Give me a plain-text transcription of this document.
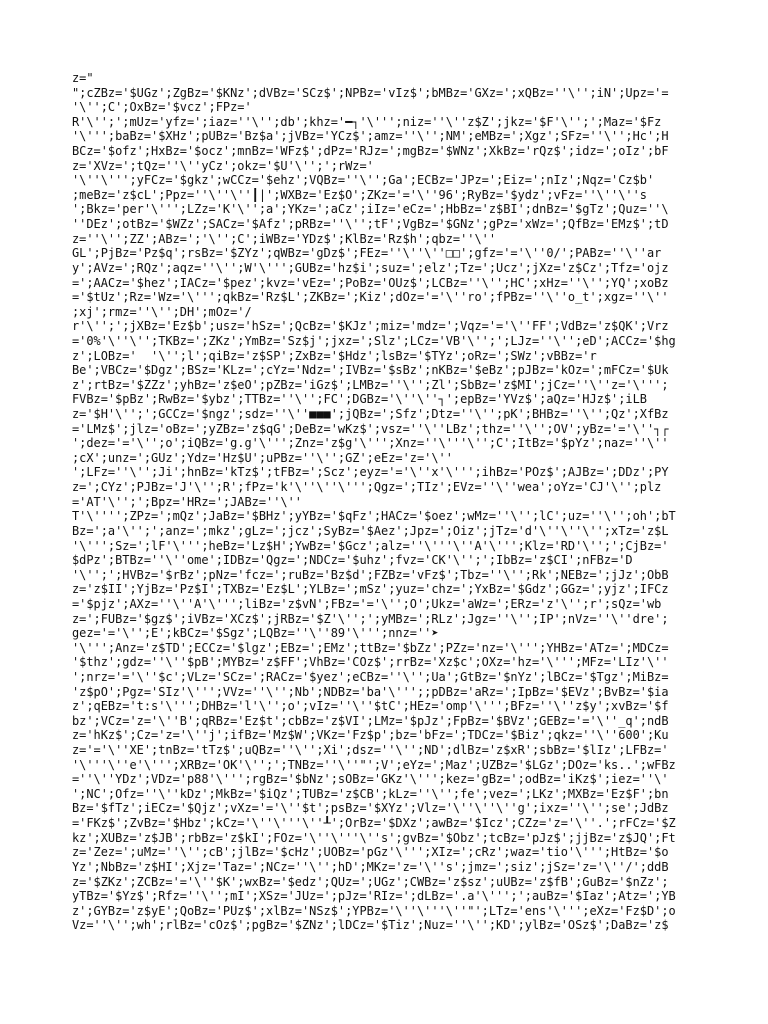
z="
";cZBz='$UGz';ZgBz='$KNz';dVBz='SCz$';NPBz='vIz$';bMBz='GXz=';xQBz=''\'';iN';Upz='=
'\'';C';OxBz='$vcz';FPz='
R'\'';';mUz='yfz=';iaz=''\'';db';khz='━┐'\''';niz=''\''z$Z';jkz='$F'\'';';Maz='$Fz
'\''';baBz='$XHz';pUBz='Bz$a';jVBz='YCz$';amz=''\'';NM';eMBz=';Xgz';SFz=''\'';Hc';H
BCz='$ofz';HxBz='$ocz';mnBz='WFz$';dPz='RJz=';mgBz='$WNz';XkBz='rQz$';idz=';oIz';bF
z='XVz=';tQz=''\''yCz';okz='$U'\'';';rWz='
'\''\''';yFCz='$gkz';wCCz='$ehz';VQBz=''\'';Ga';ECBz='JPz=';Eiz=';nIz';Nqz='Cz$b'
;meBz='z$cL';Ppz=''\''\''┃|';WXBz='Ez$O';ZKz='='\''96';RyBz='$ydz';vFz=''\''\''s
';Bkz='per'\''';LZz='K'\'';a';YKz=';aCz';iIz='eCz=';HbBz='z$BI';dnBz='$gTz';Quz=''\
''DEz';otBz='$WZz';SACz='$Afz';pRBz=''\'';tF';VgBz='$GNz';gPz='xWz=';QfBz='EMz$';tD
z=''\'';ZZ';ABz=';'\'';C';iWBz='YDz$';KlBz='Rz$h';qbz=''\''
GL';PjBz='Pz$q';rsBz='$ZYz';qWBz='gDz$';FEz=''\''\''□□';gfz='='\''0/';PABz=''\''ar
y';AVz=';RQz';aqz=''\'';W'\''';GUBz='hz$i';suz=';elz';Tz=';Ucz';jXz='z$Cz';Tfz='ojz
=';AACz='$hez';IACz='$pez';kvz='vEz=';PoBz='OUz$';LCBz=''\'';HC';xHz=''\'';YQ';xoBz
='$tUz';Rz='Wz='\''';qkBz='Rz$L';ZKBz=';Kiz';dOz='='\''ro';fPBz=''\''o_t';xgz=''\''
;xj';rmz=''\'';DH';mOz='/
r'\'';';jXBz='Ez$b';usz='hSz=';QcBz='$KJz';miz='mdz=';Vqz='='\''FF';VdBz='z$QK';Vrz
='0%'\''\'';TKBz=';ZKz';YmBz='Sz$j';jxz=';Slz';LCz='VB'\'';';LJz=''\'';eD';ACCz='$hg
z';LOBz='  '\'';l';qiBz='z$SP';ZxBz='$Hdz';lsBz='$TYz';oRz=';SWz';vBBz='r
Be';VBCz='$Dgz';BSz='KLz=';cYz='Ndz=';IVBz='$sBz';nKBz='$eBz';pJBz='kOz=';mFCz='$Uk
z';rtBz='$ZZz';yhBz='z$eO';pZBz='iGz$';LMBz=''\'';Zl';SbBz='z$MI';jCz=''\''z='\''';
FVBz='$pBz';RwBz='$ybz';TTBz=''\'';FC';DGBz='\''\''┐';epBz='YVz$';aQz='HJz$';iLB
z='$H'\'';';GCCz='$ngz';sdz=''\''■■■';jQBz=';Sfz';Dtz=''\'';pK';BHBz=''\'';Qz';XfBz
='LMz$';jlz='oBz=';yZBz='z$qG';DeBz='wKz$';vsz=''\''LBz';thz=''\'';OV';yBz='='\''┐┌
';dez='='\'';o';iQBz='g.g'\''';Znz='z$g'\''';Xnz=''\'''\'';C';ItBz='$pYz';naz=''\''
;cX';unz=';GUz';Ydz='Hz$U';uPBz=''\'';GZ';eEz='z='\''
';LFz=''\'';Ji';hnBz='kTz$';tFBz=';Scz';eyz='='\''x'\''';ihBz='POz$';AJBz=';DDz';PY
z=';CYz';PJBz='J'\'';R';fPz='k'\''\''\''';Qgz=';TIz';EVz=''\''wea';oYz='CJ'\'';plz
='AT'\'';';Bpz='HRz=';JABz=''\''
T'\'''';ZPz=';mQz';JaBz='$BHz';yYBz='$qFz';HACz='$oez';wMz=''\'';lC';uz=''\'';oh';bT
Bz=';a'\'';';anz=';mkz';gLz=';jcz';SyBz='$Aez';Jpz=';Oiz';jTz='d'\''\''\'';xTz='z$L
'\''';Sz=';lF'\''';heBz='Lz$H';YwBz='$Gcz';alz=''\'''\''A'\''';Klz='RD'\'';';CjBz='
$dPz';BTBz=''\''ome';IDBz='Qgz=';NDCz='$uhz';fvz='CK'\'';';IbBz='z$CI';nFBz='D
'\'';';HVBz='$rBz';pNz='fcz=';ruBz='Bz$d';FZBz='vFz$';Tbz=''\'';Rk';NEBz=';jJz';ObB
z='z$II';YjBz='Pz$I';TXBz='Ez$L';YLBz=';mSz';yuz='chz=';YxBz='$Gdz';GGz=';yjz';IFCz
='$pjz';AXz=''\''A'\''';liBz='z$vN';FBz='='\'';O';Ukz='aWz=';ERz='z'\'';r';sQz='wb
z=';FUBz='$gz$';iVBz='XCz$';jRBz='$Z'\'';';yMBz=';RLz';Jgz=''\'';IP';nVz=''\''dre';
gez='='\'';E';kBCz='$Sgz';LQBz=''\''89'\''';nnz=''➤
'\''';Anz='z$TD';ECCz='$lgz';EBz=';EMz';ttBz='$bZz';PZz='nz='\''';YHBz='ATz=';MDCz=
'$thz';gdz=''\''$pB';MYBz='z$FF';VhBz='COz$';rrBz='Xz$c';OXz='hz='\''';MFz='LIz'\''
';nrz='='\''$c';VLz='SCz=';RACz='$yez';eCBz=''\'';Ua';GtBz='$nYz';lBCz='$Tgz';MiBz=
'z$pO';Pgz='SIz'\''';VVz=''\'';Nb';NDBz='ba'\''';;pDBz='aRz=';IpBz='$EVz';BvBz='$ia
z';qEBz='t:s'\''';DHBz='l'\'';o';vIz=''\''$tC';HEz='omp'\''';BFz=''\''z$y';xvBz='$f
bz';VCz='z='\''B';qRBz='Ez$t';cbBz='z$VI';LMz='$pJz';FpBz='$BVz';GEBz='='\''_q';ndB
z='hKz$';Cz='z='\''j';ifBz='Mz$W';VKz='Fz$p';bz='bFz=';TDCz='$Biz';qkz=''\''600';Ku
z='='\''XE';tnBz='tTz$';uQBz=''\'';Xi';dsz=''\'';ND';dlBz='z$xR';sbBz='$lIz';LFBz='
'\'''\''e'\''';XRBz='OK'\'';';TNBz=''\''"';V';eYz=';Maz';UZBz='$LGz';DOz='ks..';wFBz
=''\''YDz';VDz='p88'\''';rgBz='$bNz';sOBz='GKz'\''';kez='gBz=';odBz='iKz$';iez=''\'
';NC';Ofz=''\''kDz';MkBz='$iQz';TUBz='z$CB';kLz=''\'';fe';vez=';LKz';MXBz='Ez$F';bn
Bz='$fTz';iECz='$Qjz';vXz='='\''$t';psBz='$XYz';Vlz='\''\''\''g';ixz=''\'';se';JdBz
='FKz$';ZvBz='$Hbz';kCz='\''\'''\''┸';OrBz='$DXz';awBz='$Icz';CZz='z='\''.';rFCz='$Z
kz';XUBz='z$JB';rbBz='z$kI';FOz='\''\'''\''s';gvBz='$Obz';tcBz='pJz$';jjBz='z$JQ';Ft
z='Zez=';uMz=''\'';cB';jlBz='$cHz';UOBz='pGz'\''';XIz=';cRz';waz='tio'\''';HtBz='$o
Yz';NbBz='z$HI';Xjz='Taz=';NCz=''\'';hD';MKz='z='\''s';jmz=';siz';jSz='z='\''/';ddB
z='$ZKz';ZCBz='='\''$K';wxBz='$edz';QUz=';UGz';CWBz='z$sz';uUBz='z$fB';GuBz='$nZz';
yTBz='$Yz$';Rfz=''\'';mI';XSz='JUz=';pJz='RIz=';dLBz='.a'\''';';auBz='$Iaz';Atz=';YB
z';GYBz='z$yE';QoBz='PUz$';xlBz='NSz$';YPBz='\''\'''\''"';LTz='ens'\''';eXz='Fz$D';o
Vz=''\'';wh';rlBz='cOz$';pgBz='$ZNz';lDCz='$Tiz';Nuz=''\'';KD';ylBz='OSz$';DaBz='z$
